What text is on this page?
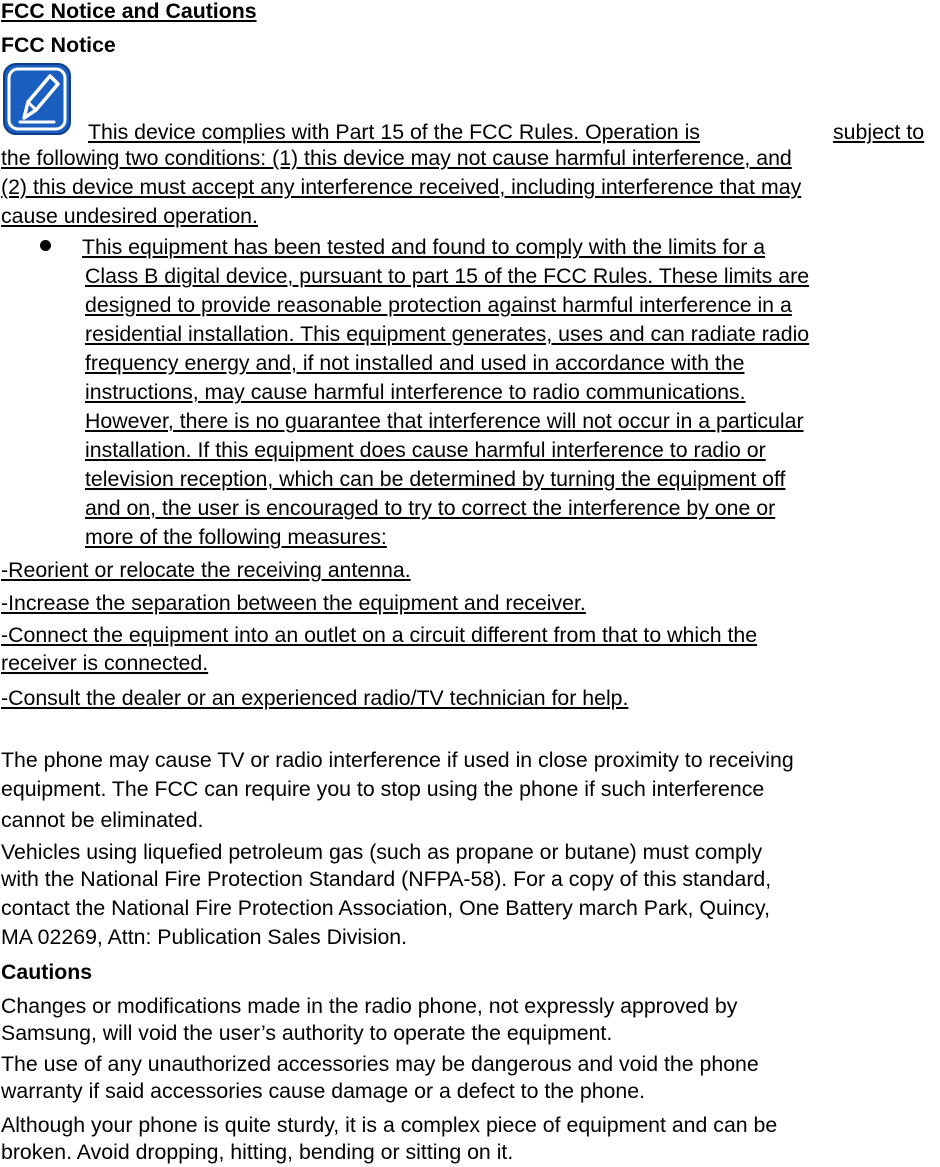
FCC Notice and Cautions
FCC Notice
This device complies with Part 15 of the FCC Rules. Operation is	subject to
the following two conditions: (1) this device may not cause harmful interference, and
(2) this device must accept any interference received, including interference that may
cause undesired operation.
This equipment has been tested and found to comply with the limits for a
Class B digital device, pursuant to part 15 of the FCC Rules. These limits are
designed to provide reasonable protection against harmful interference in a
residential installation. This equipment generates, uses and can radiate radio
frequency energy and, if not installed and used in accordance with the
instructions, may cause harmful interference to radio communications.
However, there is no guarantee that interference will not occur in a particular
installation. If this equipment does cause harmful interference to radio or
television reception, which can be determined by turning the equipment off
and on, the user is encouraged to try to correct the interference by one or
more of the following measures:
-Reorient or relocate the receiving antenna.
-Increase the separation between the equipment and receiver.
-Connect the equipment into an outlet on a circuit different from that to which the
receiver is connected.
-Consult the dealer or an experienced radio/TV technician for help.
The phone may cause TV or radio interference if used in close proximity to receiving
equipment. The FCC can require you to stop using the phone if such interference
cannot be eliminated.
Vehicles using liquefied petroleum gas (such as propane or butane) must comply
with the National Fire Protection Standard (NFPA-58). For a copy of this standard,
contact the National Fire Protection Association, One Battery march Park, Quincy,
MA 02269, Attn: Publication Sales Division.
Cautions
Changes or modifications made in the radio phone, not expressly approved by
Samsung, will void the user’s authority to operate the equipment.
The use of any unauthorized accessories may be dangerous and void the phone
warranty if said accessories cause damage or a defect to the phone.
Although your phone is quite sturdy, it is a complex piece of equipment and can be
broken. Avoid dropping, hitting, bending or sitting on it.
